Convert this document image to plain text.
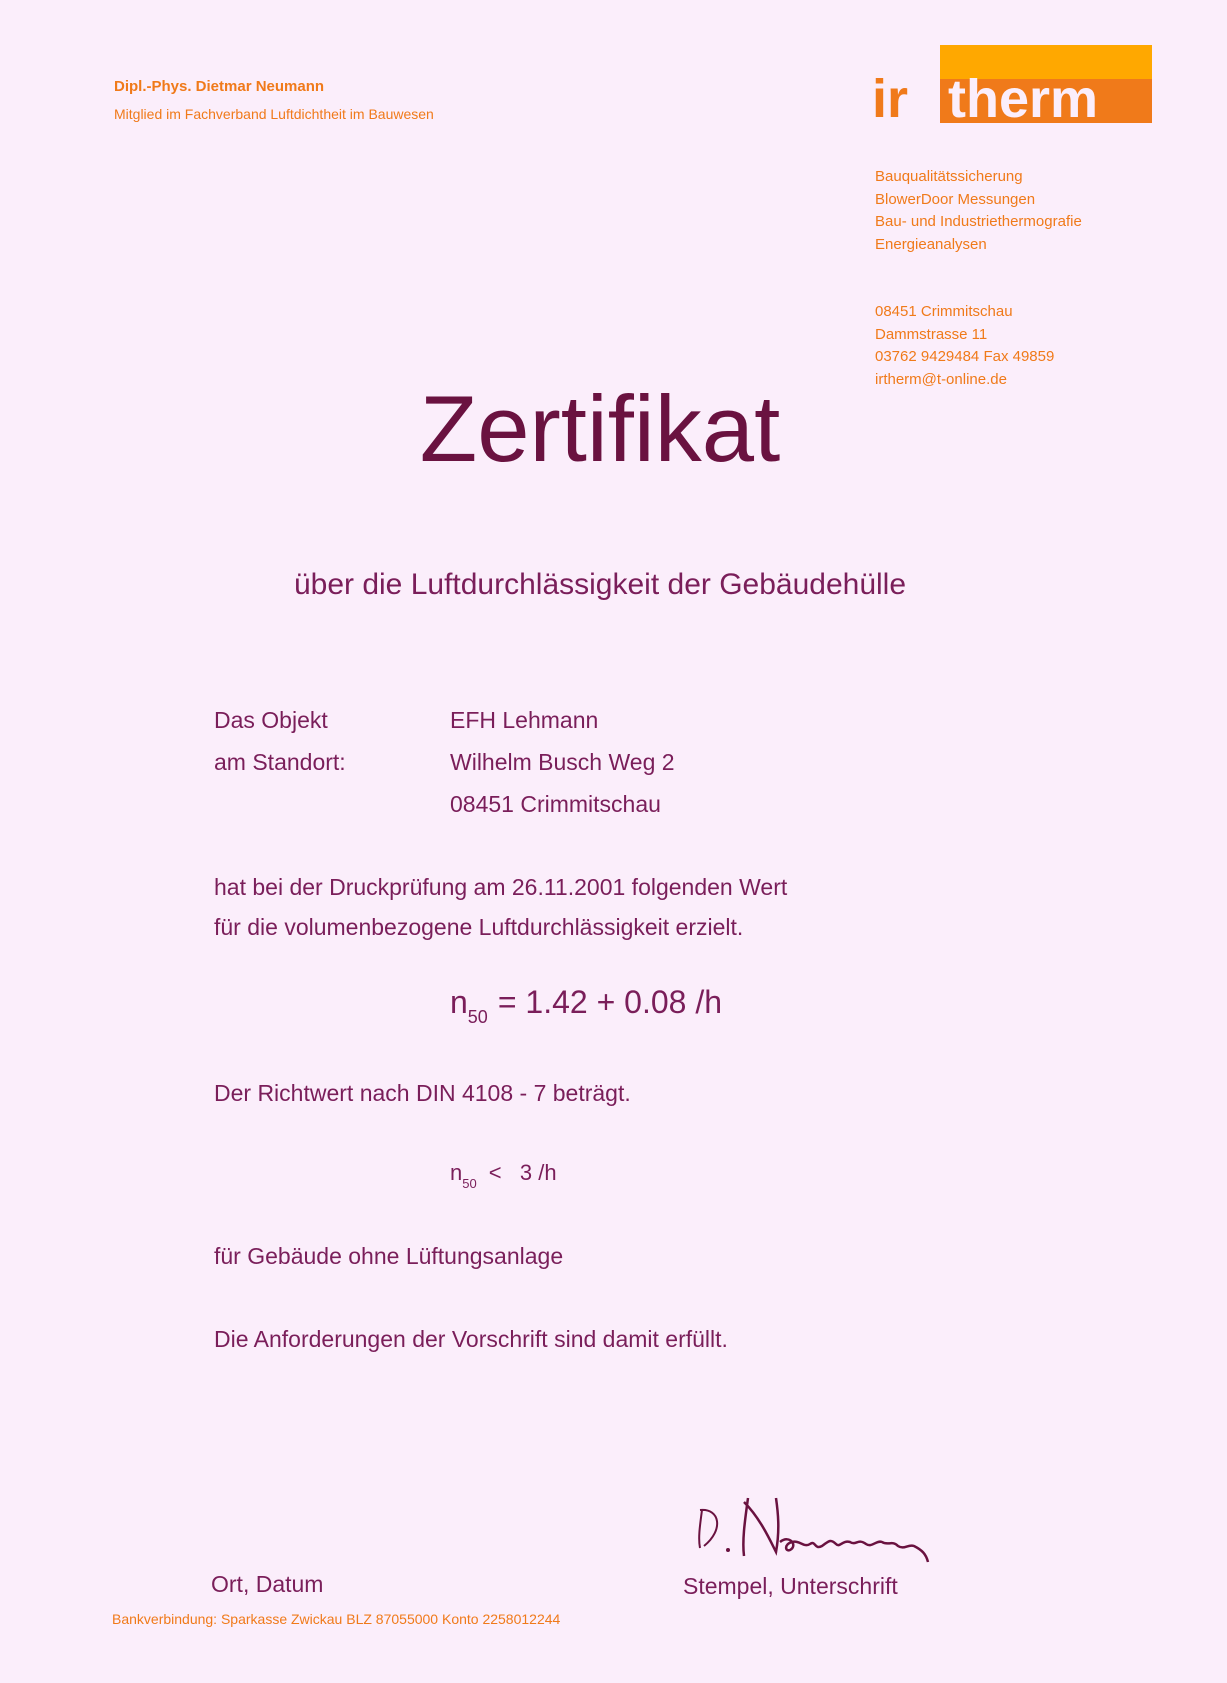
Dipl.-Phys. Dietmar Neumann
Mitglied im Fachverband Luftdichtheit im Bauwesen	ir therm
Bauqualitätssicherung
BlowerDoor Messungen
Bau- und Industriethermografie
Energieanalysen
08451 Crimmitschau
Dammstrasse 11
03762 9429484 Fax 49859
irtherm@t-online.de
Zertifikat
über die Luftdurchlässigkeit der Gebäudehülle
Das Objekt
am Standort:
EFH Lehmann
Wilhelm Busch Weg 2
08451 Crimmitschau
hat bei der Druckprüfung am 26.11.2001 folgenden Wert
für die volumenbezogene Luftdurchlässigkeit erzielt.
$n_{50} = 1.42 + 0.08$ /h
Der Richtwert nach DIN 4108 - 7 beträgt.
$n_{50} < 3$ /h
für Gebäude ohne Lüftungsanlage
Die Anforderungen der Vorschrift sind damit erfüllt.
Ort, Datum	Stempel, Unterschrift
Bankverbindung: Sparkasse Zwickau BLZ 87055000 Konto 2258012244
